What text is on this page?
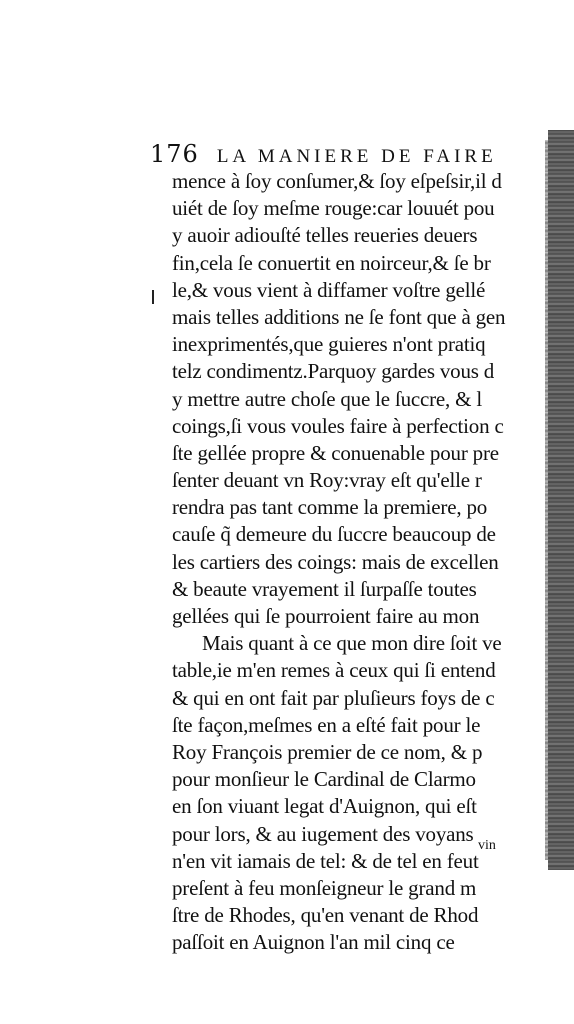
176 LA MANIERE DE FAIRE
mence à ſoy conſumer,& ſoy eſpeſsir,il d
uiét de ſoy meſme rouge:car louuét pou
y auoir adiouſté telles reueries deuers
fin,cela ſe conuertit en noirceur,& ſe br
le,& vous vient à diffamer voſtre gellé
mais telles additions ne ſe font que à gen
inexprimentés,que guieres n'ont pratiq
telz condimentz.Parquoy gardes vous d
y mettre autre choſe que le ſuccre, & l
coings,ſi vous voules faire à perfection c
ſte gellée propre & conuenable pour pre
ſenter deuant vn Roy:vray eſt qu'elle r
rendra pas tant comme la premiere, po
cauſe q̃ demeure du ſuccre beaucoup de
les cartiers des coings: mais de excellen
& beaute vrayement il ſurpaſſe toutes
gellées qui ſe pourroient faire au mon
Mais quant à ce que mon dire ſoit ve
table,ie m'en remes à ceux qui ſi entend
& qui en ont fait par pluſieurs foys de c
ſte façon,meſmes en a eſté fait pour le
Roy François premier de ce nom, & p
pour monſieur le Cardinal de Clarmo
en ſon viuant legat d'Auignon, qui eſt
pour lors, & au iugement des voyans
n'en vit iamais de tel: & de tel en feut
preſent à feu monſeigneur le grand m
ſtre de Rhodes, qu'en venant de Rhod
paſſoit en Auignon l'an mil cinq ce
vin
